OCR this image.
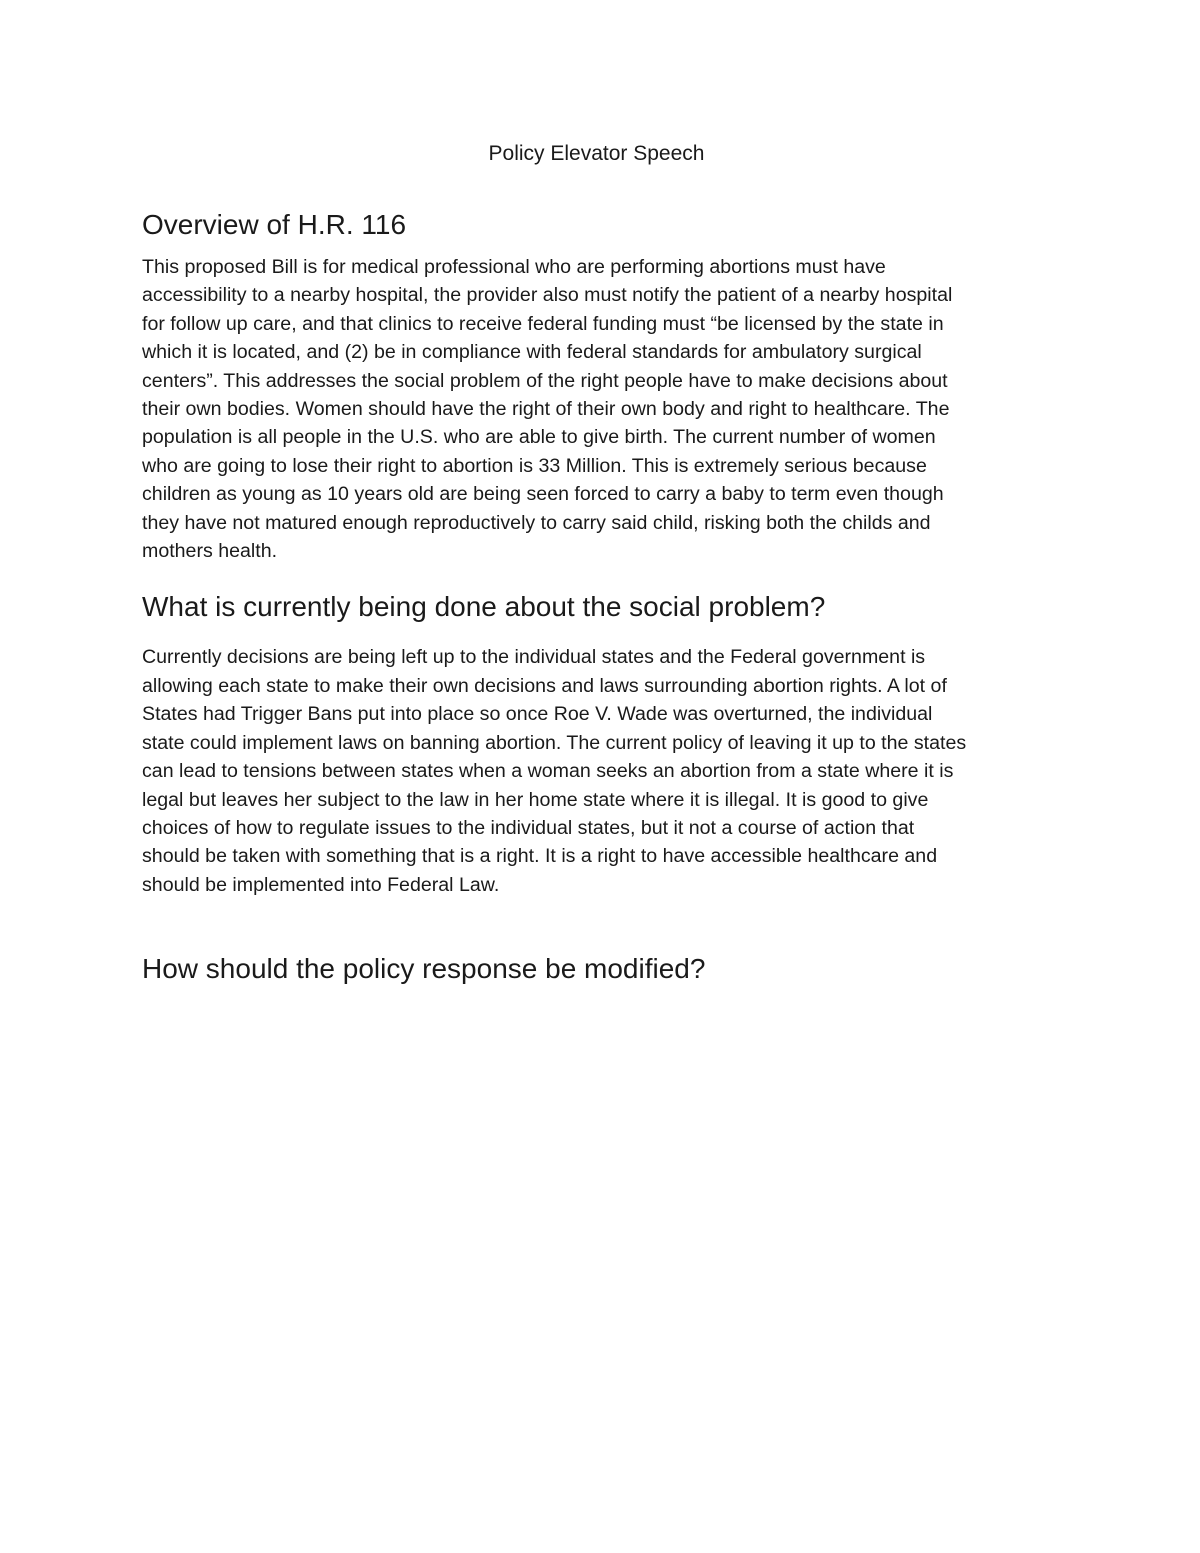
Policy Elevator Speech
Overview of H.R. 116

This proposed Bill is for medical professional who are performing abortions must have
accessibility to a nearby hospital, the provider also must notify the patient of a nearby hospital
for follow up care, and that clinics to receive federal funding must “be licensed by the state in
which it is located, and (2) be in compliance with federal standards for ambulatory surgical
centers”. This addresses the social problem of the right people have to make decisions about
their own bodies. Women should have the right of their own body and right to healthcare. The
population is all people in the U.S. who are able to give birth. The current number of women
who are going to lose their right to abortion is 33 Million. This is extremely serious because
children as young as 10 years old are being seen forced to carry a baby to term even though
they have not matured enough reproductively to carry said child, risking both the childs and
mothers health.

What is currently being done about the social problem?

Currently decisions are being left up to the individual states and the Federal government is
allowing each state to make their own decisions and laws surrounding abortion rights. A lot of
States had Trigger Bans put into place so once Roe V. Wade was overturned, the individual
state could implement laws on banning abortion. The current policy of leaving it up to the states
can lead to tensions between states when a woman seeks an abortion from a state where it is
legal but leaves her subject to the law in her home state where it is illegal. It is good to give
choices of how to regulate issues to the individual states, but it not a course of action that
should be taken with something that is a right. It is a right to have accessible healthcare and
should be implemented into Federal Law.

How should the policy response be modified?
